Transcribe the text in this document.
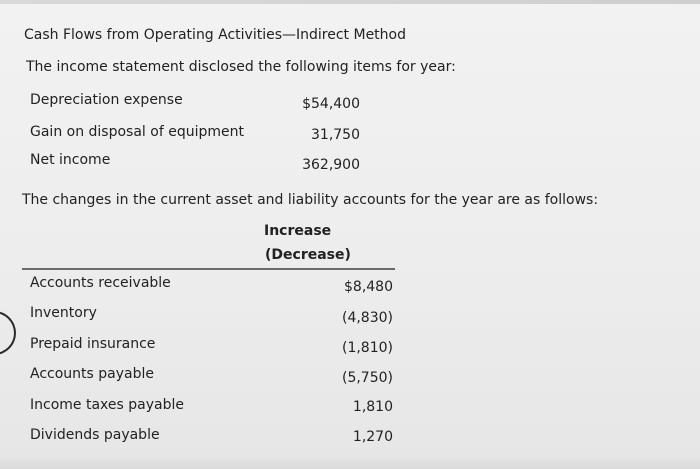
Cash Flows from Operating Activities—Indirect Method
The income statement disclosed the following items for year:
Depreciation expense	$54,400
Gain on disposal of equipment	31,750
Net income	362,900
The changes in the current asset and liability accounts for the year are as follows:
Increase
(Decrease)
Accounts receivable	$8,480
Inventory	(4,830)
Prepaid insurance	(1,810)
Accounts payable	(5,750)
Income taxes payable	1,810
Dividends payable	1,270
